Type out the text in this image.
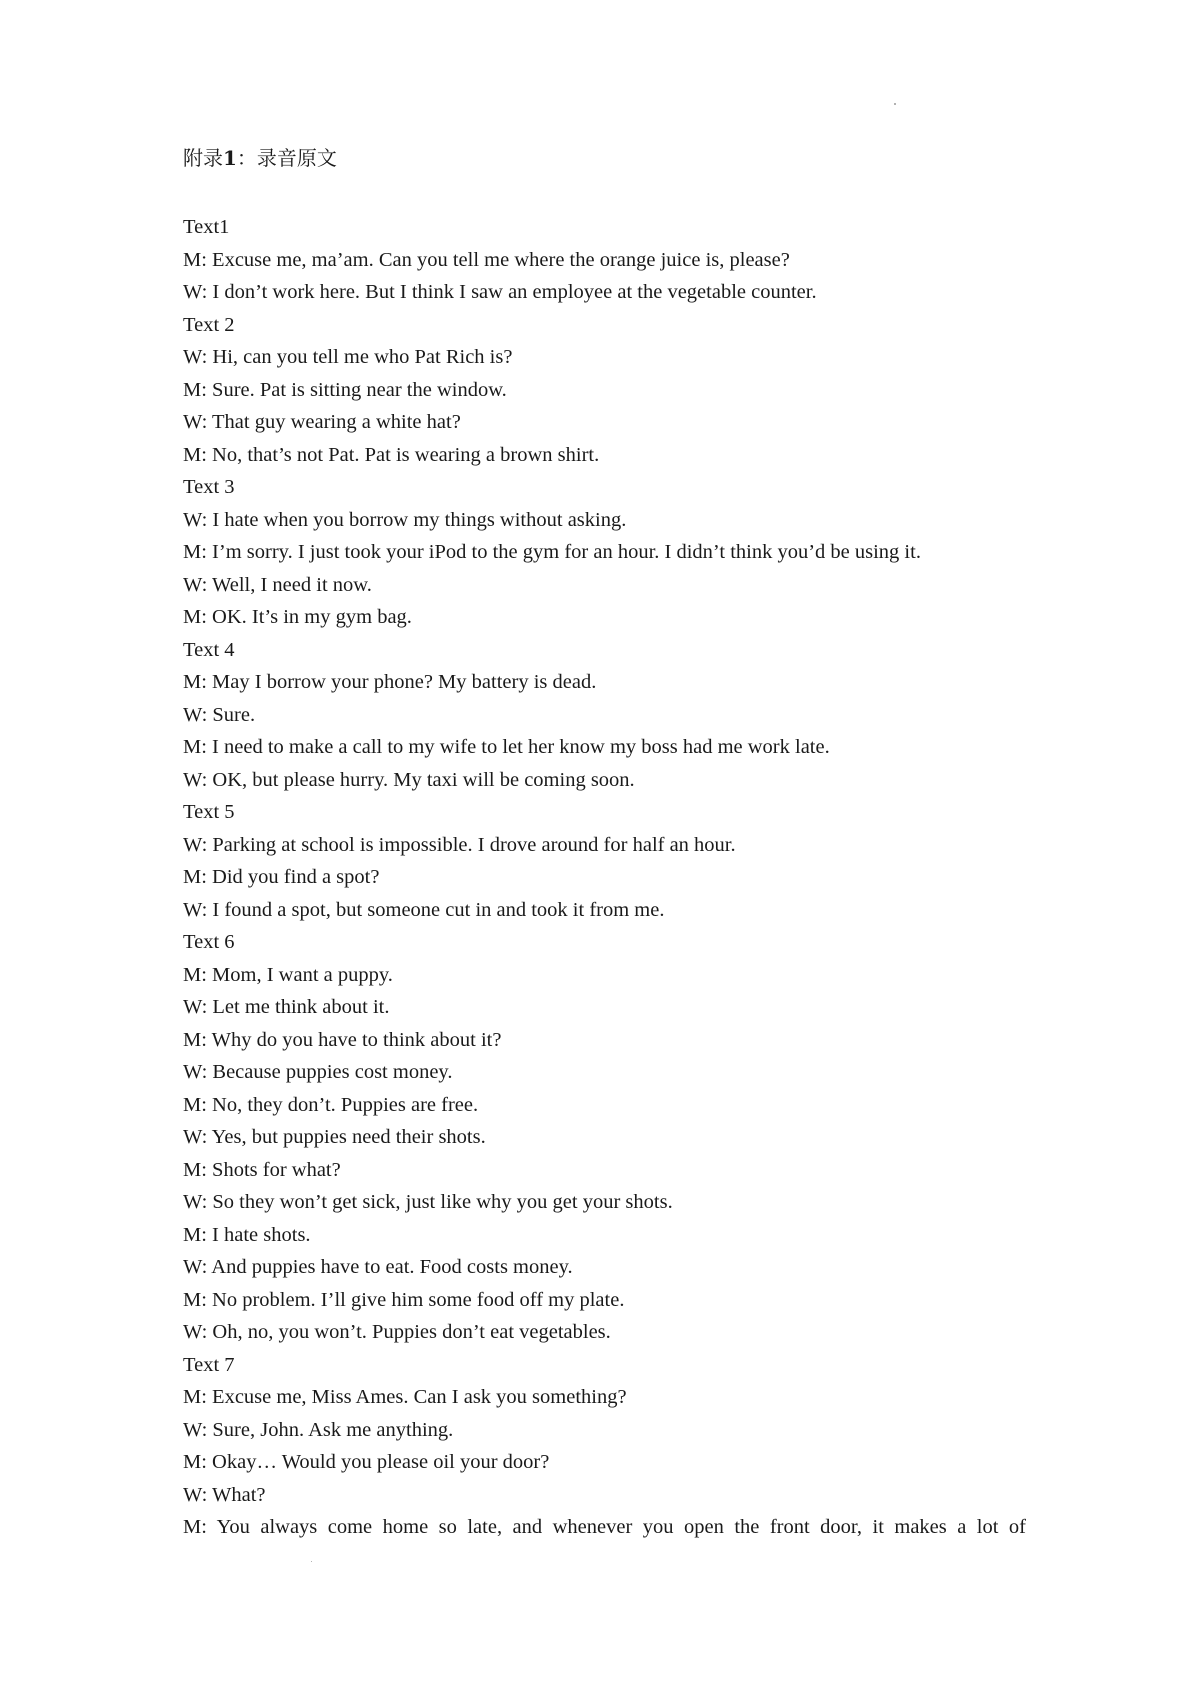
附录1：录音原文
Text1
M: Excuse me, ma’am. Can you tell me where the orange juice is, please?
W: I don’t work here. But I think I saw an employee at the vegetable counter.
Text 2
W: Hi, can you tell me who Pat Rich is?
M: Sure. Pat is sitting near the window.
W: That guy wearing a white hat?
M: No, that’s not Pat. Pat is wearing a brown shirt.
Text 3
W: I hate when you borrow my things without asking.
M: I’m sorry. I just took your iPod to the gym for an hour. I didn’t think you’d be using it.
W: Well, I need it now.
M: OK. It’s in my gym bag.
Text 4
M: May I borrow your phone? My battery is dead.
W: Sure.
M: I need to make a call to my wife to let her know my boss had me work late.
W: OK, but please hurry. My taxi will be coming soon.
Text 5
W: Parking at school is impossible. I drove around for half an hour.
M: Did you find a spot?
W: I found a spot, but someone cut in and took it from me.
Text 6
M: Mom, I want a puppy.
W: Let me think about it.
M: Why do you have to think about it?
W: Because puppies cost money.
M: No, they don’t. Puppies are free.
W: Yes, but puppies need their shots.
M: Shots for what?
W: So they won’t get sick, just like why you get your shots.
M: I hate shots.
W: And puppies have to eat. Food costs money.
M: No problem. I’ll give him some food off my plate.
W: Oh, no, you won’t. Puppies don’t eat vegetables.
Text 7
M: Excuse me, Miss Ames. Can I ask you something?
W: Sure, John. Ask me anything.
M: Okay… Would you please oil your door?
W: What?
M: You always come home so late, and whenever you open the front door, it makes a lot of
